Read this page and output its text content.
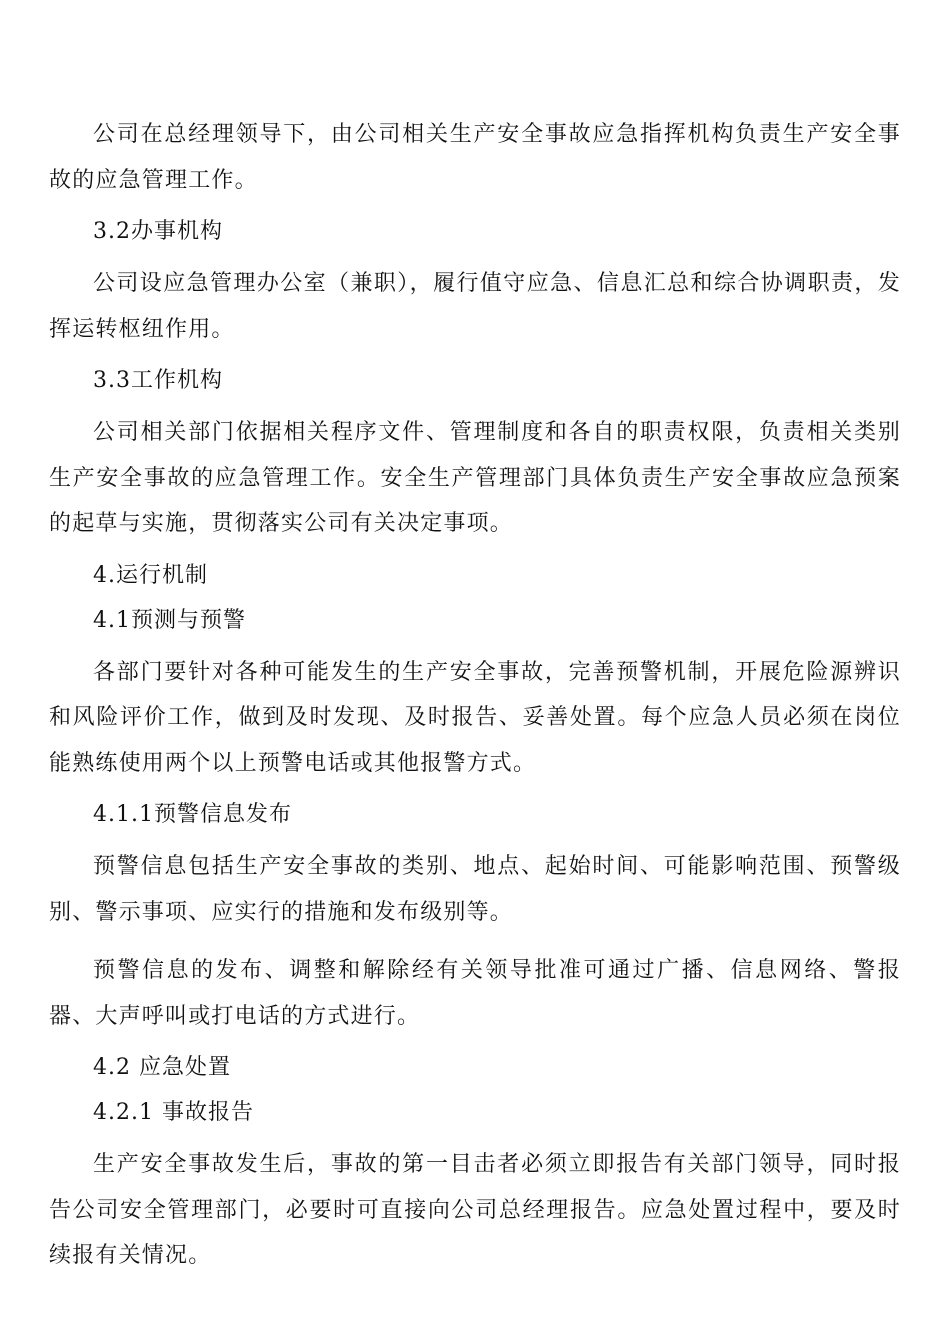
公司在总经理领导下，由公司相关生产安全事故应急指挥机构负责生产安全事故的应急管理工作。

3.2办事机构

公司设应急管理办公室（兼职），履行值守应急、信息汇总和综合协调职责，发挥运转枢纽作用。

3.3工作机构

公司相关部门依据相关程序文件、管理制度和各自的职责权限，负责相关类别生产安全事故的应急管理工作。安全生产管理部门具体负责生产安全事故应急预案的起草与实施，贯彻落实公司有关决定事项。

4.运行机制

4.1预测与预警

各部门要针对各种可能发生的生产安全事故，完善预警机制，开展危险源辨识和风险评价工作，做到及时发现、及时报告、妥善处置。每个应急人员必须在岗位能熟练使用两个以上预警电话或其他报警方式。

4.1.1预警信息发布

预警信息包括生产安全事故的类别、地点、起始时间、可能影响范围、预警级别、警示事项、应实行的措施和发布级别等。

预警信息的发布、调整和解除经有关领导批准可通过广播、信息网络、警报器、大声呼叫或打电话的方式进行。

4.2 应急处置

4.2.1 事故报告

生产安全事故发生后，事故的第一目击者必须立即报告有关部门领导，同时报告公司安全管理部门，必要时可直接向公司总经理报告。应急处置过程中，要及时续报有关情况。
